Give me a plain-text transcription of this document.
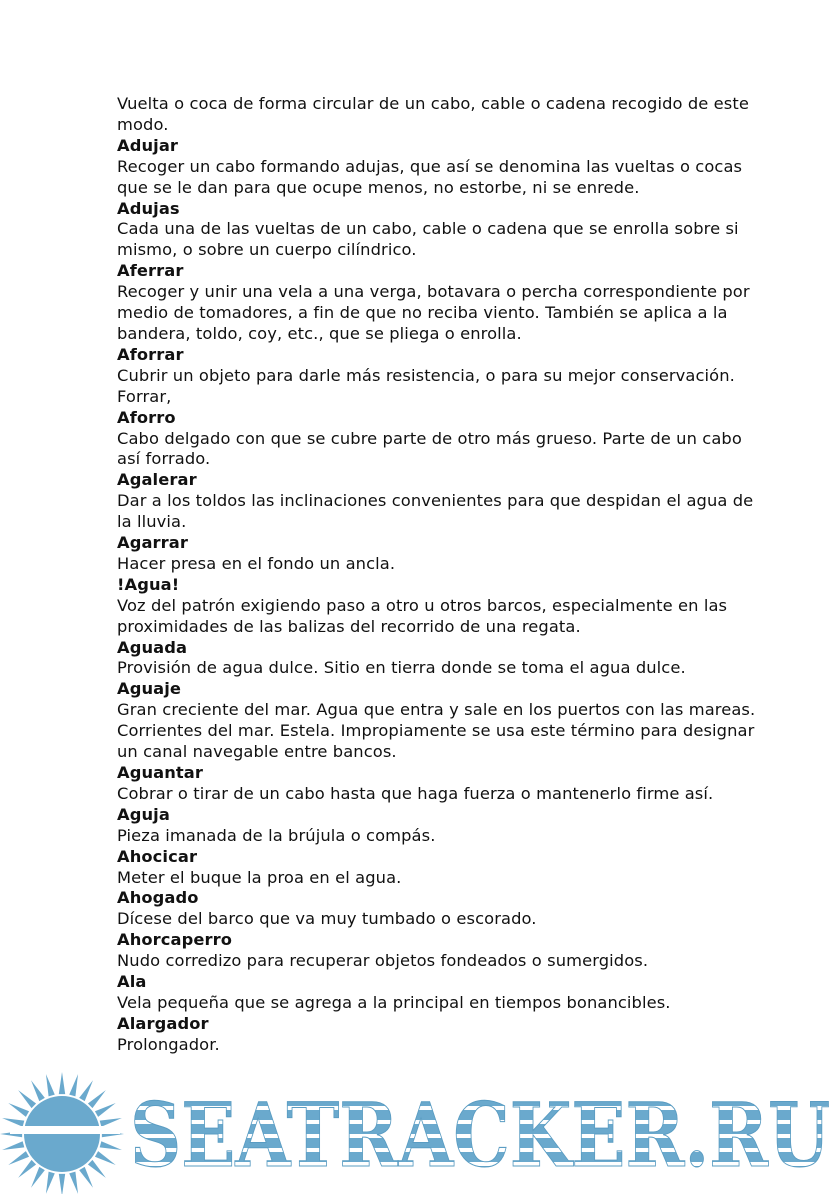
Vuelta o coca de forma circular de un cabo, cable o cadena recogido de este modo.
Adujar
Recoger un cabo formando adujas, que así se denomina las vueltas o cocas que se le dan para que ocupe menos, no estorbe, ni se enrede.
Adujas
Cada una de las vueltas de un cabo, cable o cadena que se enrolla sobre si mismo, o sobre un cuerpo cilíndrico.
Aferrar
Recoger y unir una vela a una verga, botavara o percha correspondiente por medio de tomadores, a fin de que no reciba viento. También se aplica a la bandera, toldo, coy, etc., que se pliega o enrolla.
Aforrar
Cubrir un objeto para darle más resistencia, o para su mejor conservación. Forrar,
Aforro
Cabo delgado con que se cubre parte de otro más grueso. Parte de un cabo así forrado.
Agalerar
Dar a los toldos las inclinaciones convenientes para que despidan el agua de la lluvia.
Agarrar
Hacer presa en el fondo un ancla.
!Agua!
Voz del patrón exigiendo paso a otro u otros barcos, especialmente en las proximidades de las balizas del recorrido de una regata.
Aguada
Provisión de agua dulce. Sitio en tierra donde se toma el agua dulce.
Aguaje
Gran creciente del mar. Agua que entra y sale en los puertos con las mareas. Corrientes del mar. Estela. Impropiamente se usa este término para designar un canal navegable entre bancos.
Aguantar
Cobrar o tirar de un cabo hasta que haga fuerza o mantenerlo firme así.
Aguja
Pieza imanada de la brújula o compás.
Ahocicar
Meter el buque la proa en el agua.
Ahogado
Dícese del barco que va muy tumbado o escorado.
Ahorcaperro
Nudo corredizo para recuperar objetos fondeados o sumergidos.
Ala
Vela pequeña que se agrega a la principal en tiempos bonancibles.
Alargador
Prolongador.
SEATRACKER.RU
